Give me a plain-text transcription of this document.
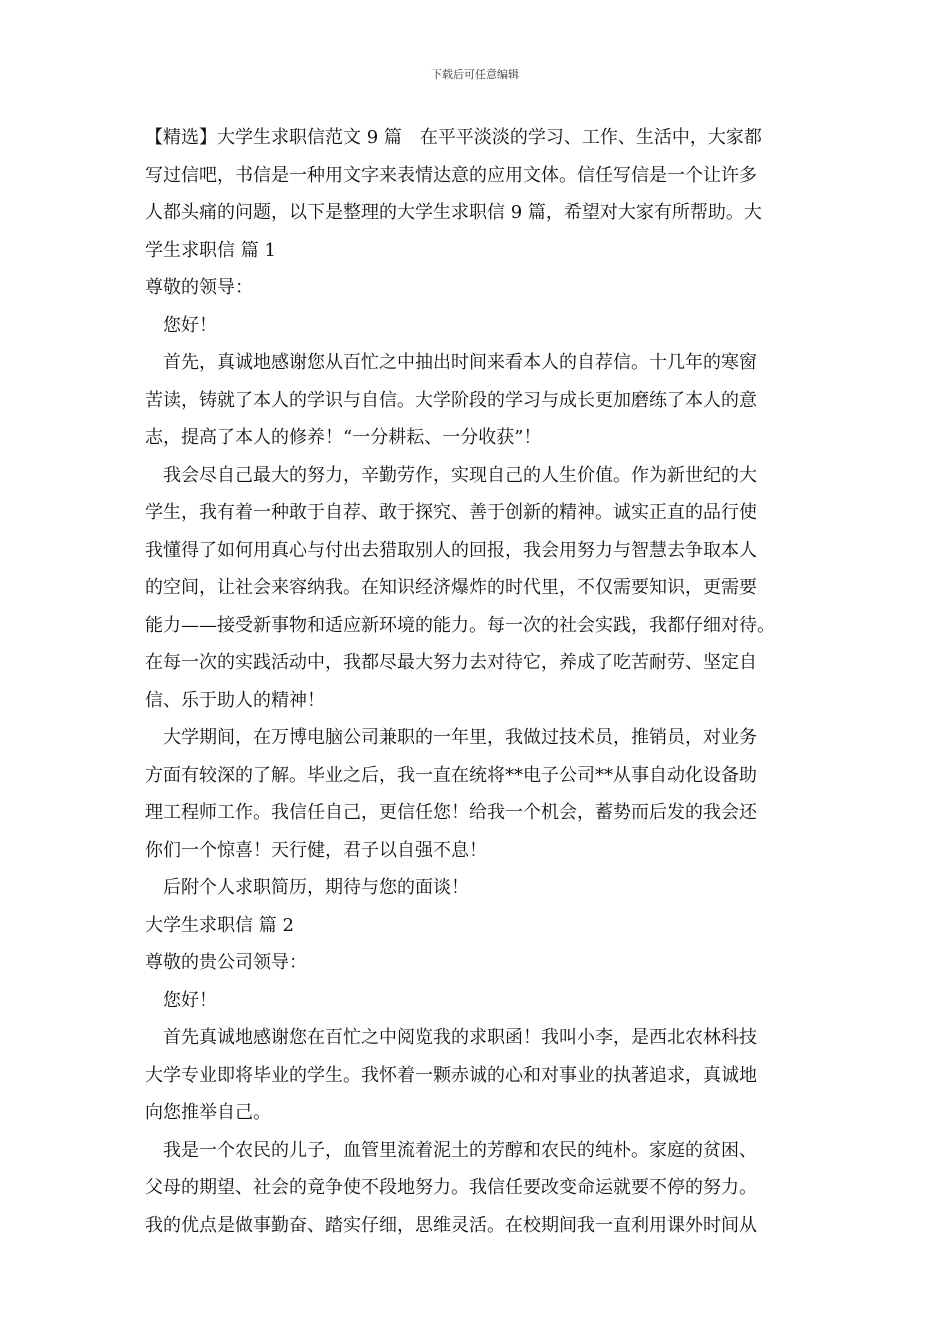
下载后可任意编辑
【精选】大学生求职信范文 9 篇　在平平淡淡的学习、工作、生活中，大家都
写过信吧，书信是一种用文字来表情达意的应用文体。信任写信是一个让许多
人都头痛的问题，以下是整理的大学生求职信 9 篇，希望对大家有所帮助。大
学生求职信 篇 1
尊敬的领导：
您好！
首先，真诚地感谢您从百忙之中抽出时间来看本人的自荐信。十几年的寒窗
苦读，铸就了本人的学识与自信。大学阶段的学习与成长更加磨练了本人的意
志，提高了本人的修养！“一分耕耘、一分收获”！
我会尽自己最大的努力，辛勤劳作，实现自己的人生价值。作为新世纪的大
学生，我有着一种敢于自荐、敢于探究、善于创新的精神。诚实正直的品行使
我懂得了如何用真心与付出去猎取别人的回报，我会用努力与智慧去争取本人
的空间，让社会来容纳我。在知识经济爆炸的时代里，不仅需要知识，更需要
能力——接受新事物和适应新环境的能力。每一次的社会实践，我都仔细对待。
在每一次的实践活动中，我都尽最大努力去对待它，养成了吃苦耐劳、坚定自
信、乐于助人的精神！
大学期间，在万博电脑公司兼职的一年里，我做过技术员，推销员，对业务
方面有较深的了解。毕业之后，我一直在统将**电子公司**从事自动化设备助
理工程师工作。我信任自己，更信任您！给我一个机会，蓄势而后发的我会还
你们一个惊喜！天行健，君子以自强不息！
后附个人求职简历，期待与您的面谈！
大学生求职信 篇 2
尊敬的贵公司领导：
您好！
首先真诚地感谢您在百忙之中阅览我的求职函！我叫小李，是西北农林科技
大学专业即将毕业的学生。我怀着一颗赤诚的心和对事业的执著追求，真诚地
向您推举自己。
我是一个农民的儿子，血管里流着泥土的芳醇和农民的纯朴。家庭的贫困、
父母的期望、社会的竟争使不段地努力。我信任要改变命运就要不停的努力。
我的优点是做事勤奋、踏实仔细，思维灵活。在校期间我一直利用课外时间从
